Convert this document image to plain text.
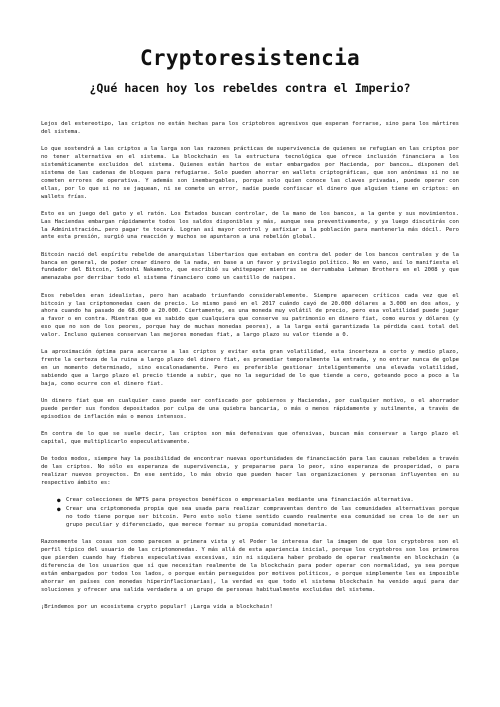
Cryptoresistencia
¿Qué hacen hoy los rebeldes contra el Imperio?

Lejos del estereotipo, las criptos no están hechas para los criptobros agresivos que esperan forrarse, sino para los mártires del sistema.

Lo que sostendrá a las criptos a la larga son las razones prácticas de supervivencia de quienes se refugian en las criptos por no tener alternativa en el sistema. La blockchain es la estructura tecnológica que ofrece inclusión financiera a los sistemáticamente excluidos del sistema. Quienes están hartos de estar embargados por Hacienda, por bancos… disponen del sistema de las cadenas de bloques para refugiarse. Solo pueden ahorrar en wallets criptográficas, que son anónimas si no se cometen errores de operativa. Y además son inembargables, porque solo quien conoce las claves privadas, puede operar con ellas, por lo que si no se jaquean, ni se comete un error, nadie puede confiscar el dinero que alguien tiene en criptos: en wallets frías.

Esto es un juego del gato y el ratón. Los Estados buscan controlar, de la mano de los bancos, a la gente y sus movimientos. Las Haciendas embargan rápidamente todos los saldos disponibles y más, aunque sea preventivamente, y ya luego discutirás con la Administración… pero pagar te tocará. Logran así mayor control y asfixiar a la población para mantenerla más dócil. Pero ante esta presión, surgió una reacción y muchos se apuntaron a una rebelión global.

Bitcoin nació del espíritu rebelde de anarquistas libertarios que estaban en contra del poder de los bancos centrales y de la banca en general, de poder crear dinero de la nada, en base a un favor y privilegio político. No en vano, así lo manifiesta el fundador del Bitcoin, Satoshi Nakamoto, que escribió su whitepaper mientras se derrumbaba Lehman Brothers en el 2008 y que amenazaba por derribar todo el sistema financiero como un castillo de naipes.

Esos rebeldes eran idealistas, pero han acabado triunfando considerablemente. Siempre aparecen críticos cada vez que el bitcoin y las criptomonedas caen de precio. Lo mismo pasó en el 2017 cuándo cayó de 20.000 dólares a 3.000 en dos años, y ahora cuando ha pasado de 68.000 a 20.000. Ciertamente, es una moneda muy volátil de precio, pero esa volatilidad puede jugar a favor o en contra. Mientras que es sabido que cualquiera que conserve su patrimonio en dinero fiat, como euros y dólares (y eso que no son de los peores, porque hay de muchas monedas peores), a la larga está garantizada la pérdida casi total del valor. Incluso quienes conservan las mejores monedas fiat, a largo plazo su valor tiende a 0.

La aproximación óptima para acercarse a las criptos y evitar esta gran volatilidad, esta incerteza a corto y medio plazo, frente la certeza de la ruina a largo plazo del dinero fiat, es promediar temporalmente la entrada, y no entrar nunca de golpe en un momento determinado, sino escalonadamente. Pero es preferible gestionar inteligentemente una elevada volatilidad, sabiendo que a largo plazo el precio tiende a subir, que no la seguridad de lo que tiende a cero, goteando poco a poco a la baja, como ocurre con el dinero fiat.

Un dinero fiat que en cualquier caso puede ser confiscado por gobiernos y Haciendas, por cualquier motivo, o el ahorrador puede perder sus fondos depositados por culpa de una quiebra bancaria, o más o menos rápidamente y sutilmente, a través de episodios de inflación más o menos intensos.

En contra de lo que se suele decir, las criptos son más defensivas que ofensivas, buscan más conservar a largo plazo el capital, que multiplicarlo especulativamente.

De todos modos, siempre hay la posibilidad de encontrar nuevas oportunidades de financiación para las causas rebeldes a través de las criptos. No sólo es esperanza de supervivencia, y prepararse para lo peor, sino esperanza de prosperidad, o para realizar nuevos proyectos. En ese sentido, lo más obvio que pueden hacer las organizaciones y personas influyentes en su respectivo ámbito es:

● Crear colecciones de NFTS para proyectos benéficos o empresariales mediante una financiación alternativa.
● Crear una criptomoneda propia que sea usada para realizar compraventas dentro de las comunidades alternativas porque no todo tiene porque ser bitcoin. Pero esto solo tiene sentido cuando realmente esa comunidad se crea lo de ser un grupo peculiar y diferenciado, que merece formar su propia comunidad monetaria.

Razonemente las cosas son como parecen a primera vista y el Poder le interesa dar la imagen de que los cryptobros son el perfil típico del usuario de las criptomonedas. Y más allá de esta apariencia inicial, porque los cryptobros son los primeros que pierden cuando hay fiebres especulativas excesivas, sin ni siquiera haber probado de operar realmente en blockchain (a diferencia de los usuarios que sí que necesitan realmente de la blockchain para poder operar con normalidad, ya sea porque están embargados por todos los lados, o porque están perseguidos por motivos políticos, o porque simplemente les es imposible ahorrar en países con monedas hiperinflacionarias), la verdad es que todo el sistema blockchain ha venido aquí para dar soluciones y ofrecer una salida verdadera a un grupo de personas habitualmente excluidas del sistema.

¡Brindemos por un ecosistema crypto popular! ¡Larga vida a blockchain!
